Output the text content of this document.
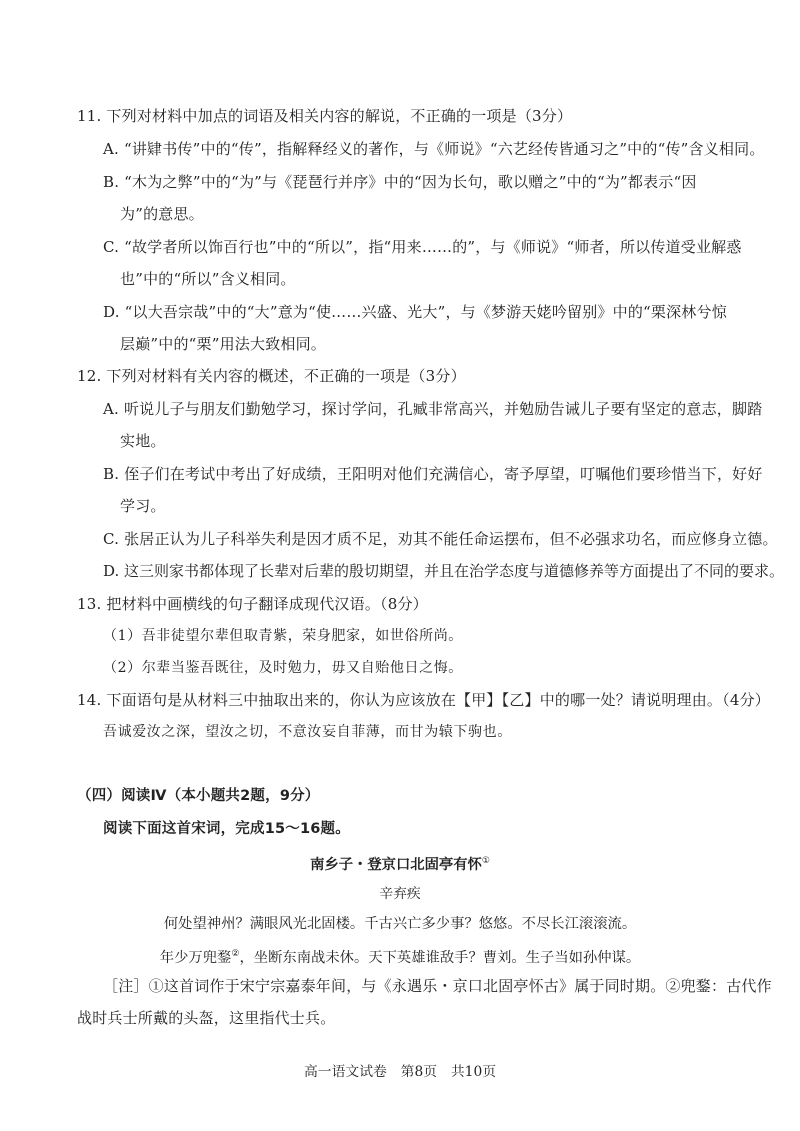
11. 下列对材料中加点的词语及相关内容的解说，不正确的一项是（3分）
A. “讲肄书传”中的“传”，指解释经义的著作，与《师说》“六艺经传皆通习之”中的“传”含义相同。
B. “木为之弊”中的“为”与《琵琶行并序》中的“因为长句，歌以赠之”中的“为”都表示“因
为”的意思。
C. “故学者所以饰百行也”中的“所以”，指“用来……的”，与《师说》“师者，所以传道受业解惑
也”中的“所以”含义相同。
D. “以大吾宗哉”中的“大”意为“使……兴盛、光大”，与《梦游天姥吟留别》中的“栗深林兮惊
层巅”中的“栗”用法大致相同。
12. 下列对材料有关内容的概述，不正确的一项是（3分）
A. 听说儿子与朋友们勤勉学习，探讨学问，孔臧非常高兴，并勉励告诫儿子要有坚定的意志，脚踏
实地。
B. 侄子们在考试中考出了好成绩，王阳明对他们充满信心，寄予厚望，叮嘱他们要珍惜当下，好好
学习。
C. 张居正认为儿子科举失利是因才质不足，劝其不能任命运摆布，但不必强求功名，而应修身立德。
D. 这三则家书都体现了长辈对后辈的殷切期望，并且在治学态度与道德修养等方面提出了不同的要求。
13. 把材料中画横线的句子翻译成现代汉语。（8分）
（1）吾非徒望尔辈但取青紫，荣身肥家，如世俗所尚。
（2）尔辈当鉴吾既往，及时勉力，毋又自贻他日之悔。
14. 下面语句是从材料三中抽取出来的，你认为应该放在【甲】【乙】中的哪一处？请说明理由。（4分）
吾诚爱汝之深，望汝之切，不意汝妄自菲薄，而甘为辕下驹也。
（四）阅读Ⅳ（本小题共2题，9分）
阅读下面这首宋词，完成15～16题。
南乡子・登京口北固亭有怀①
辛弃疾
何处望神州？满眼风光北固楼。千古兴亡多少事？悠悠。不尽长江滚滚流。
年少万兜鍪②，坐断东南战未休。天下英雄谁敌手？曹刘。生子当如孙仲谋。
［注］①这首词作于宋宁宗嘉泰年间，与《永遇乐・京口北固亭怀古》属于同时期。②兜鍪：古代作
战时兵士所戴的头盔，这里指代士兵。
高一语文试卷　第8页　共10页
